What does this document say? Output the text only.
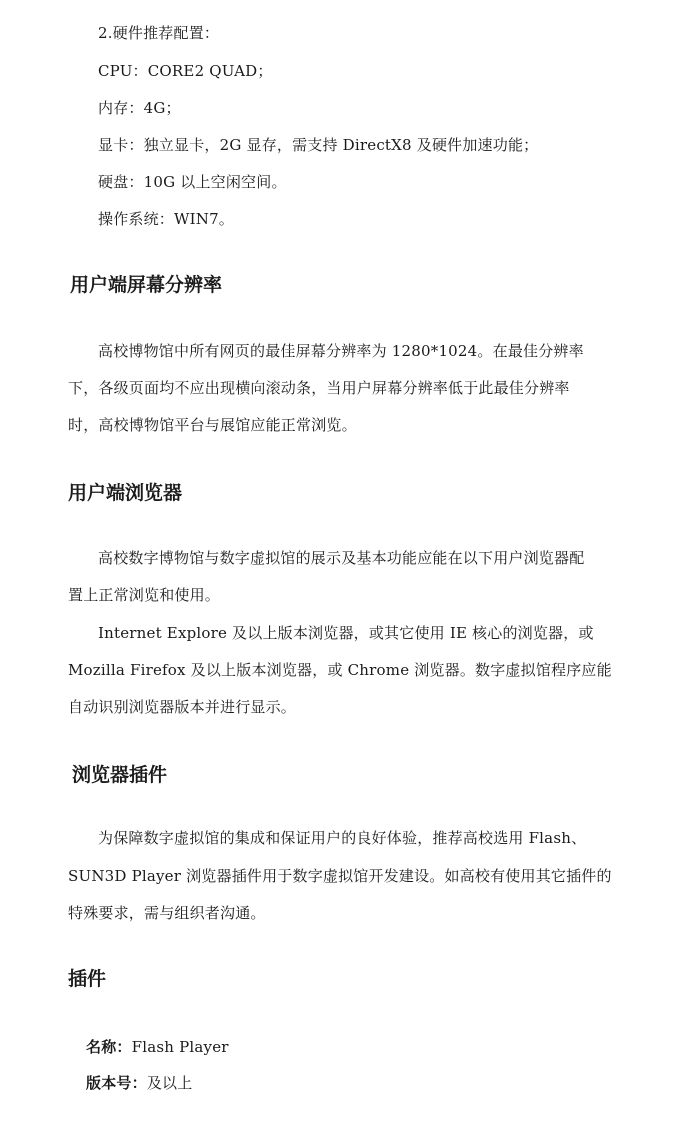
2.硬件推荐配置：
CPU：CORE2 QUAD；
内存：4G；
显卡：独立显卡，2G 显存，需支持 DirectX8 及硬件加速功能；
硬盘：10G 以上空闲空间。
操作系统：WIN7。
用户端屏幕分辨率
高校博物馆中所有网页的最佳屏幕分辨率为 1280*1024。在最佳分辨率
下，各级页面均不应出现横向滚动条，当用户屏幕分辨率低于此最佳分辨率
时，高校博物馆平台与展馆应能正常浏览。
用户端浏览器
高校数字博物馆与数字虚拟馆的展示及基本功能应能在以下用户浏览器配
置上正常浏览和使用。
Internet Explore 及以上版本浏览器，或其它使用 IE 核心的浏览器，或
Mozilla Firefox 及以上版本浏览器，或 Chrome 浏览器。数字虚拟馆程序应能
自动识别浏览器版本并进行显示。
浏览器插件
为保障数字虚拟馆的集成和保证用户的良好体验，推荐高校选用 Flash、
SUN3D Player 浏览器插件用于数字虚拟馆开发建设。如高校有使用其它插件的
特殊要求，需与组织者沟通。
插件
名称：Flash Player
版本号：及以上
